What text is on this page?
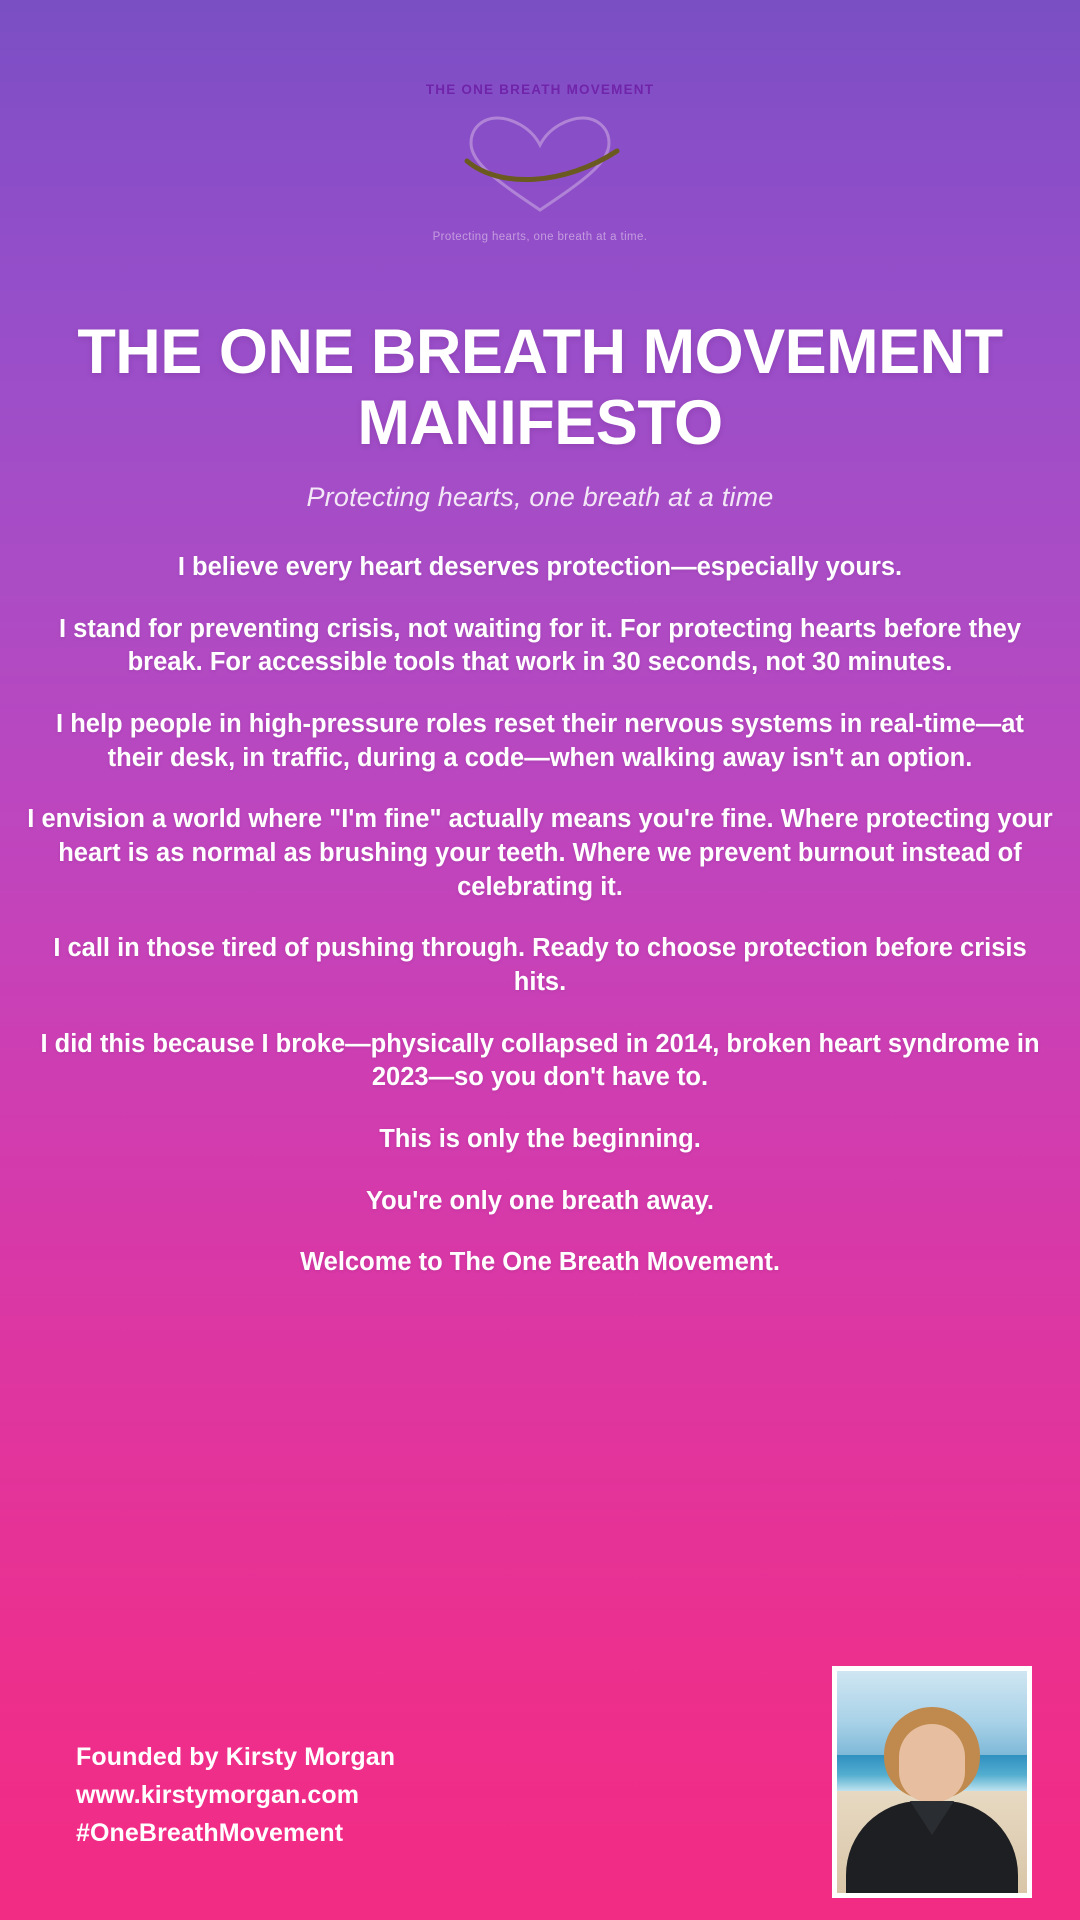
THE ONE BREATH MOVEMENT
Protecting hearts, one breath at a time.
THE ONE BREATH MOVEMENT MANIFESTO
Protecting hearts, one breath at a time

I believe every heart deserves protection—especially yours.

I stand for preventing crisis, not waiting for it. For protecting hearts before they break. For accessible tools that work in 30 seconds, not 30 minutes.

I help people in high-pressure roles reset their nervous systems in real-time—at their desk, in traffic, during a code—when walking away isn't an option.

I envision a world where "I'm fine" actually means you're fine. Where protecting your heart is as normal as brushing your teeth. Where we prevent burnout instead of celebrating it.

I call in those tired of pushing through. Ready to choose protection before crisis hits.

I did this because I broke—physically collapsed in 2014, broken heart syndrome in 2023—so you don't have to.

This is only the beginning.

You're only one breath away.

Welcome to The One Breath Movement.

Founded by Kirsty Morgan
www.kirstymorgan.com
#OneBreathMovement
